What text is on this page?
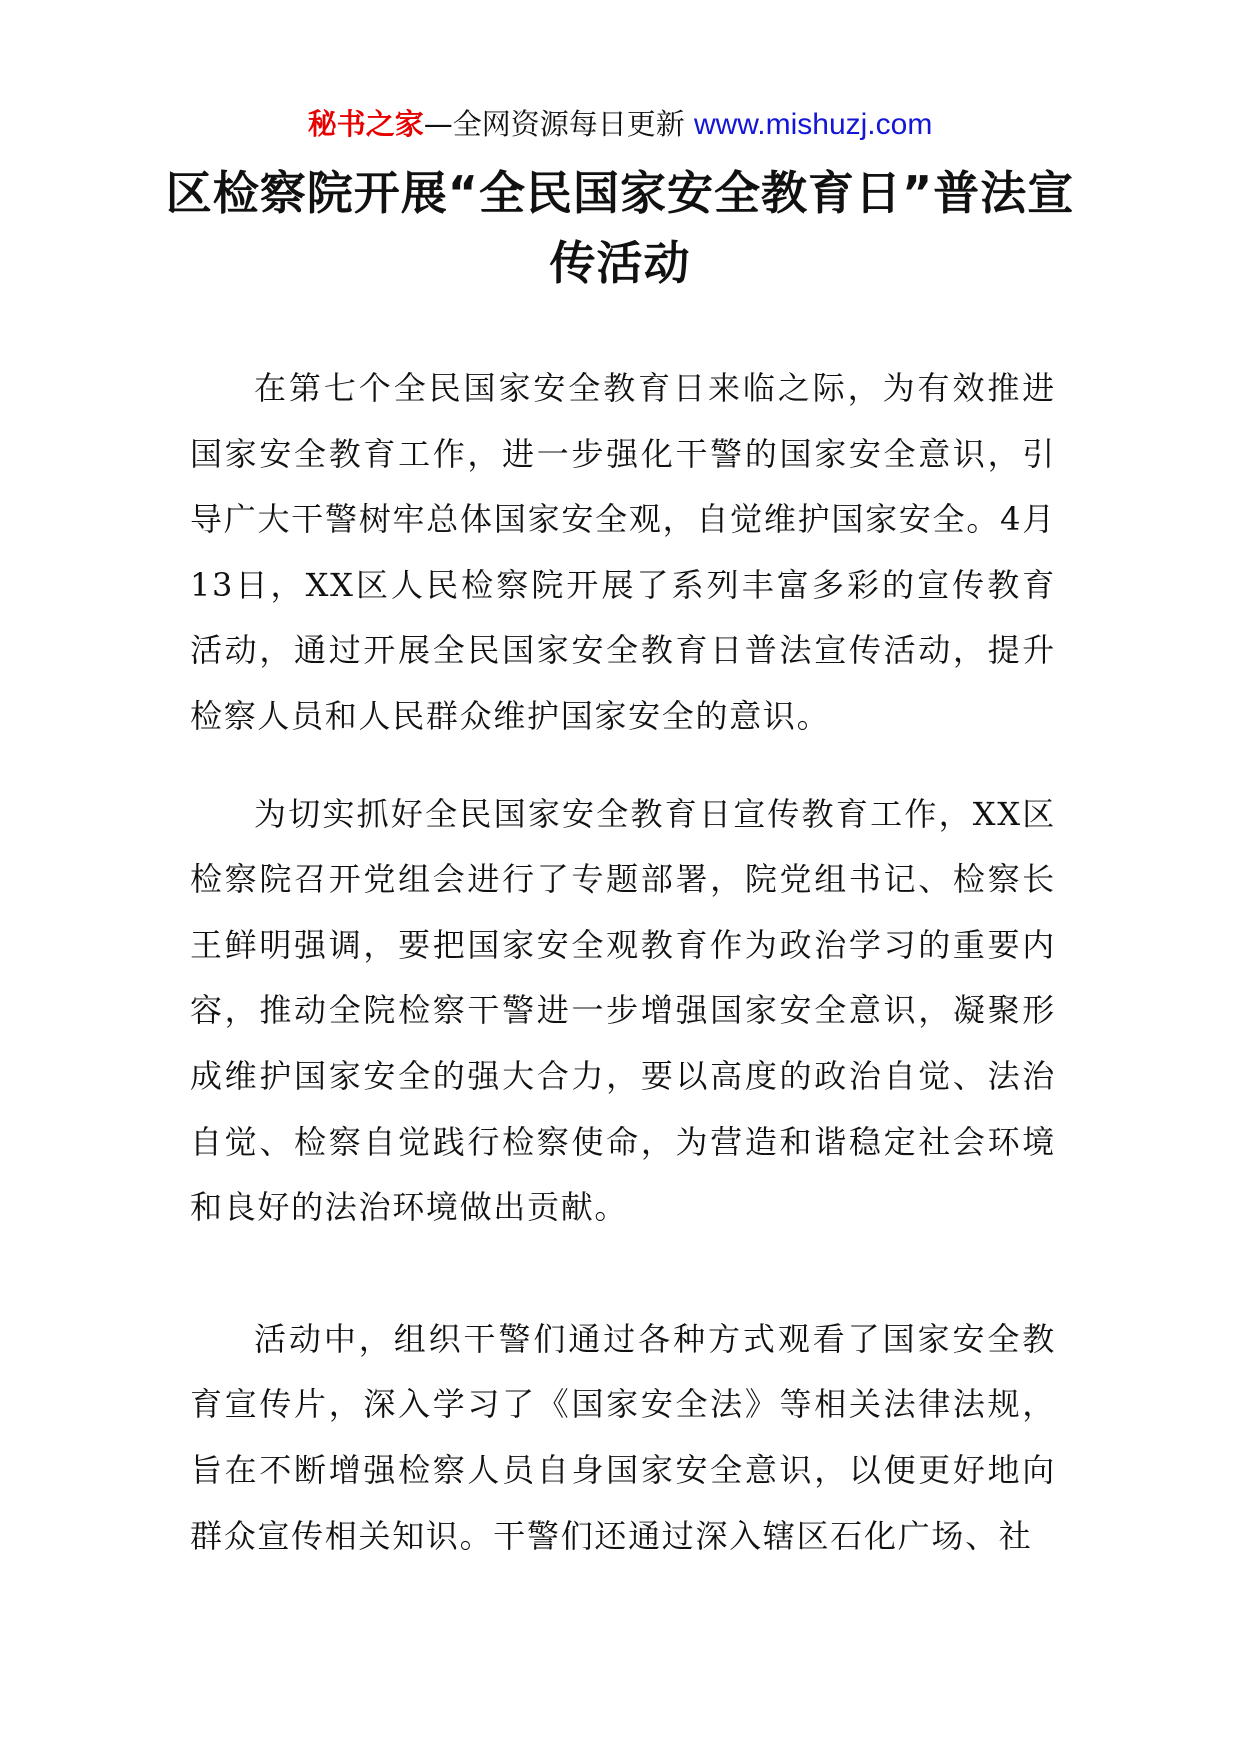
秘书之家—全网资源每日更新 www.mishuzj.com
区检察院开展“全民国家安全教育日”普法宣传活动

在第七个全民国家安全教育日来临之际，为有效推进国家安全教育工作，进一步强化干警的国家安全意识，引导广大干警树牢总体国家安全观，自觉维护国家安全。4月13日，XX区人民检察院开展了系列丰富多彩的宣传教育活动，通过开展全民国家安全教育日普法宣传活动，提升检察人员和人民群众维护国家安全的意识。

为切实抓好全民国家安全教育日宣传教育工作，XX区检察院召开党组会进行了专题部署，院党组书记、检察长王鲜明强调，要把国家安全观教育作为政治学习的重要内容，推动全院检察干警进一步增强国家安全意识，凝聚形成维护国家安全的强大合力，要以高度的政治自觉、法治自觉、检察自觉践行检察使命，为营造和谐稳定社会环境和良好的法治环境做出贡献。

活动中，组织干警们通过各种方式观看了国家安全教育宣传片，深入学习了《国家安全法》等相关法律法规，旨在不断增强检察人员自身国家安全意识，以便更好地向群众宣传相关知识。干警们还通过深入辖区石化广场、社
